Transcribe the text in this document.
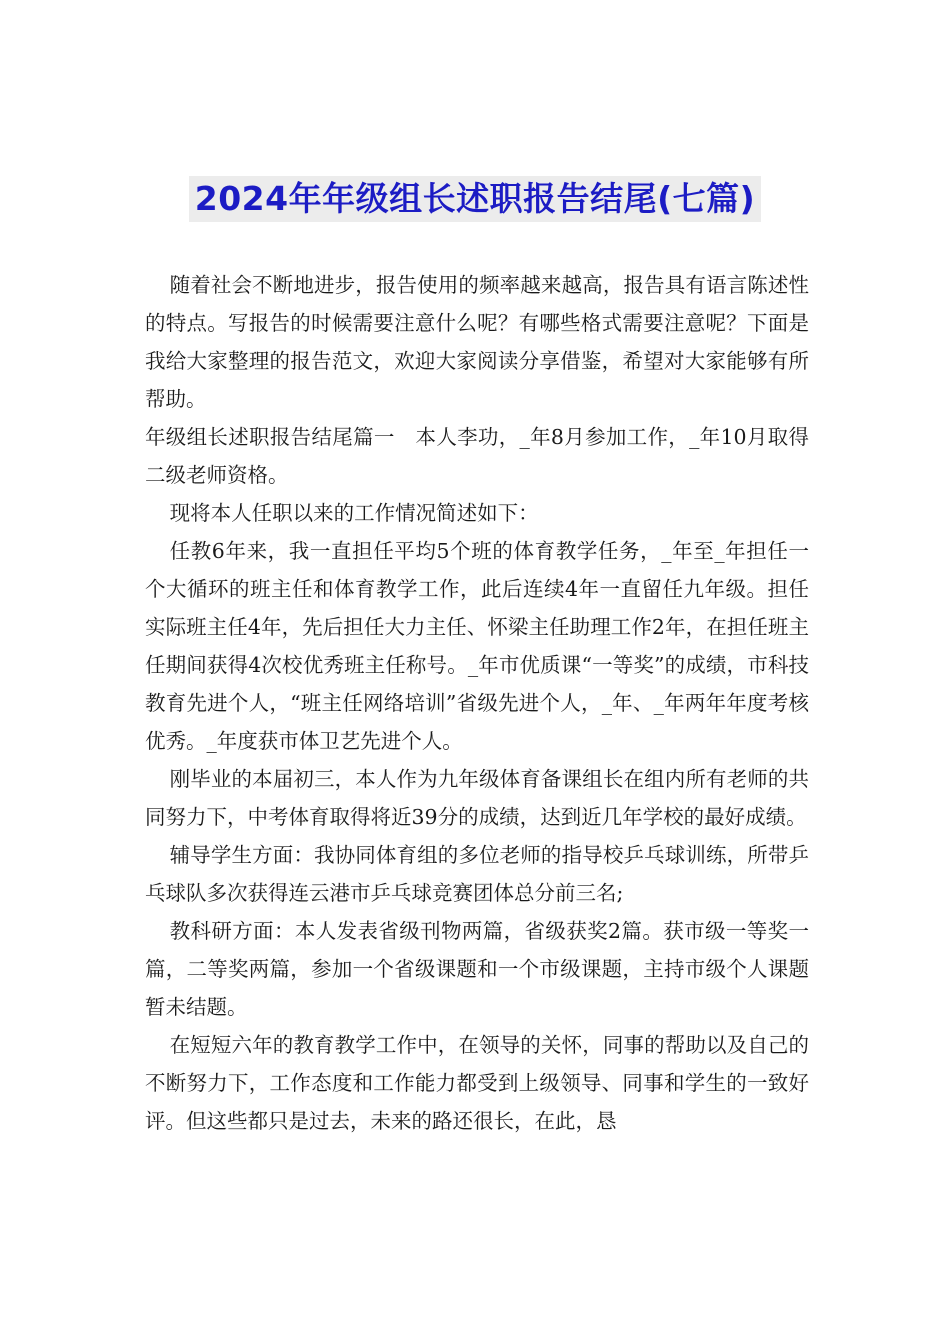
2024年年级组长述职报告结尾(七篇)

随着社会不断地进步，报告使用的频率越来越高，报告具有语言陈述性的特点。写报告的时候需要注意什么呢？有哪些格式需要注意呢？下面是我给大家整理的报告范文，欢迎大家阅读分享借鉴，希望对大家能够有所帮助。

年级组长述职报告结尾篇一　本人李功，_年8月参加工作，_年10月取得二级老师资格。

现将本人任职以来的工作情况简述如下：

任教6年来，我一直担任平均5个班的体育教学任务，_年至_年担任一个大循环的班主任和体育教学工作，此后连续4年一直留任九年级。担任实际班主任4年，先后担任大力主任、怀梁主任助理工作2年，在担任班主任期间获得4次校优秀班主任称号。_年市优质课“一等奖”的成绩，市科技教育先进个人，“班主任网络培训”省级先进个人，_年、_年两年年度考核优秀。_年度获市体卫艺先进个人。

刚毕业的本届初三，本人作为九年级体育备课组长在组内所有老师的共同努力下，中考体育取得将近39分的成绩，达到近几年学校的最好成绩。

辅导学生方面：我协同体育组的多位老师的指导校乒乓球训练，所带乒乓球队多次获得连云港市乒乓球竞赛团体总分前三名;

教科研方面：本人发表省级刊物两篇，省级获奖2篇。获市级一等奖一篇，二等奖两篇，参加一个省级课题和一个市级课题，主持市级个人课题暂未结题。

在短短六年的教育教学工作中，在领导的关怀，同事的帮助以及自己的不断努力下，工作态度和工作能力都受到上级领导、同事和学生的一致好评。但这些都只是过去，未来的路还很长，在此，恳
